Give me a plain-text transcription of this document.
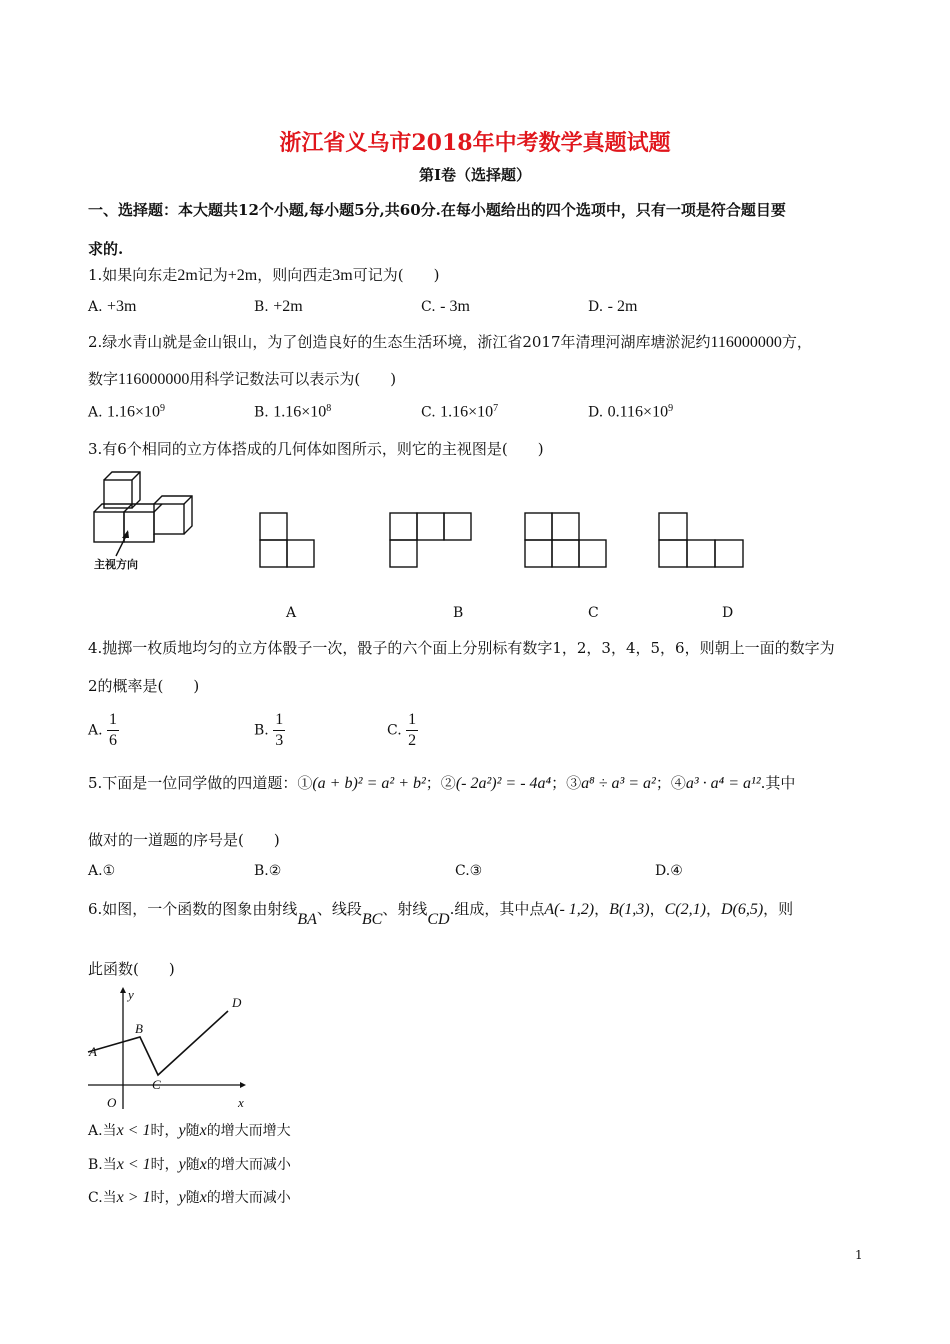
浙江省义乌市2018年中考数学真题试题
第Ⅰ卷（选择题）
一、选择题：本大题共12个小题,每小题5分,共60分.在每小题给出的四个选项中，只有一项是符合题目要
求的.
1.如果向东走2m记为+2m，则向西走3m可记为(　　)
A. +3m	B. +2m	C. - 3m	D. - 2m
2.绿水青山就是金山银山，为了创造良好的生态生活环境，浙江省2017年清理河湖库塘淤泥约116000000方，
数字116000000用科学记数法可以表示为(　　)
A. $1.16\times 10^9$	B. $1.16\times 10^8$	C. $1.16\times 10^7$	D. $0.116\times 10^9$
3.有6个相同的立方体搭成的几何体如图所示，则它的主视图是(　　)
主视方向
A	B	C	D
4.抛掷一枚质地均匀的立方体骰子一次，骰子的六个面上分别标有数字1，2，3，4，5，6，则朝上一面的数字为
2的概率是(　　)
A. $\frac{1}{6}$	B. $\frac{1}{3}$	C. $\frac{1}{2}$
5.下面是一位同学做的四道题：①(a + b)² = a² + b²；②(- 2a²)² = - 4a⁴；③a⁸ ÷ a³ = a²；④a³ · a⁴ = a¹².其中
做对的一道题的序号是(　　)
A.①	B.②	C.③	D.④
6.如图，一个函数的图象由射线BA、线段BC、射线CD.组成，其中点A(- 1,2)，B(1,3)，C(2,1)，D(6,5)，则
此函数(　　)
y
x
O
A
B
C
D
A.当x < 1时，y随x的增大而增大
B.当x < 1时，y随x的增大而减小
C.当x > 1时，y随x的增大而减小
1
